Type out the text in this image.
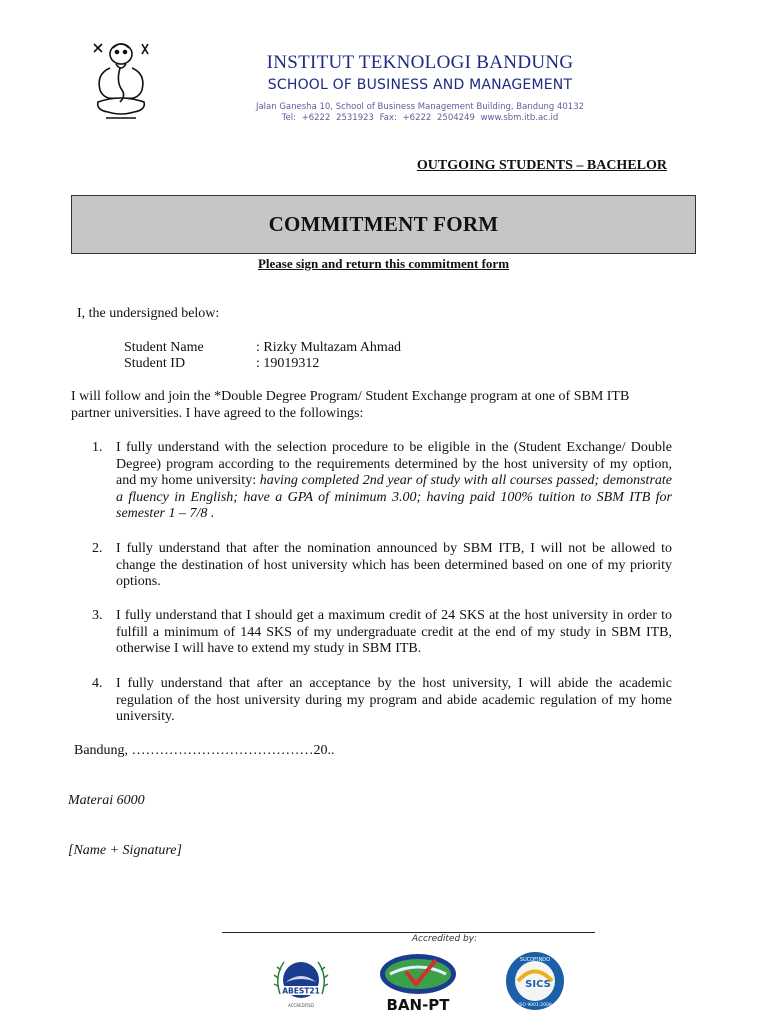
INSTITUT TEKNOLOGI BANDUNG
SCHOOL OF BUSINESS AND MANAGEMENT
Jalan Ganesha 10, School of Business Management Building, Bandung 40132
Tel: +6222 2531923 Fax: +6222 2504249 www.sbm.itb.ac.id
OUTGOING STUDENTS – BACHELOR
COMMITMENT FORM
Please sign and return this commitment form
I, the undersigned below:
Student Name	: Rizky Multazam Ahmad
Student ID	: 19019312
I will follow and join the *Double Degree Program/ Student Exchange program at one of SBM ITB partner universities. I have agreed to the followings:
1. I fully understand with the selection procedure to be eligible in the (Student Exchange/ Double Degree) program according to the requirements determined by the host university of my option, and my home university: having completed 2nd year of study with all courses passed; demonstrate a fluency in English; have a GPA of minimum 3.00; having paid 100% tuition to SBM ITB for semester 1 – 7/8 .
2. I fully understand that after the nomination announced by SBM ITB, I will not be allowed to change the destination of host university which has been determined based on one of my priority options.
3. I fully understand that I should get a maximum credit of 24 SKS at the host university in order to fulfill a minimum of 144 SKS of my undergraduate credit at the end of my study in SBM ITB, otherwise I will have to extend my study in SBM ITB.
4. I fully understand that after an acceptance by the host university, I will abide the academic regulation of the host university during my program and abide academic regulation of my home university.
Bandung, …………………………………20..
Materai 6000
[Name + Signature]
Accredited by:
ABEST21
ACCREDITED	BAN-PT
SICS
SUCOFINDO
ISO 9001:2008
